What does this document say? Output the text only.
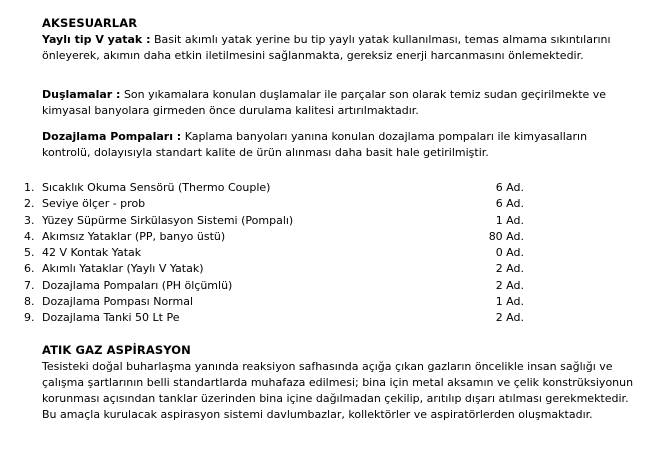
AKSESUARLAR
Yaylı tip V yatak : Basit akımlı yatak yerine bu tip yaylı yatak kullanılması, temas almama sıkıntılarını
önleyerek, akımın daha etkin iletilmesini sağlanmakta, gereksiz enerji harcanmasını önlemektedir.
Duşlamalar : Son yıkamalara konulan duşlamalar ile parçalar son olarak temiz sudan geçirilmekte ve
kimyasal banyolara girmeden önce durulama kalitesi artırılmaktadır.
Dozajlama Pompaları : Kaplama banyoları yanına konulan dozajlama pompaları ile kimyasalların
kontrolü, dolayısıyla standart kalite de ürün alınması daha basit hale getirilmiştir.
1. Sıcaklık Okuma Sensörü (Thermo Couple)	6 Ad.
2. Seviye ölçer - prob	6 Ad.
3. Yüzey Süpürme Sirkülasyon Sistemi (Pompalı)	1 Ad.
4. Akımsız Yataklar (PP, banyo üstü)	80 Ad.
5. 42 V Kontak Yatak	0 Ad.
6. Akımlı Yataklar (Yaylı V Yatak)	2 Ad.
7. Dozajlama Pompaları (PH ölçümlü)	2 Ad.
8. Dozajlama Pompası Normal	1 Ad.
9. Dozajlama Tanki 50 Lt Pe	2 Ad.
ATIK GAZ ASPİRASYON
Tesisteki doğal buharlaşma yanında reaksiyon safhasında açığa çıkan gazların öncelikle insan sağlığı ve
çalışma şartlarının belli standartlarda muhafaza edilmesi; bina için metal aksamın ve çelik konstrüksiyonun
korunması açısından tanklar üzerinden bina içine dağılmadan çekilip, arıtılıp dışarı atılması gerekmektedir.
Bu amaçla kurulacak aspirasyon sistemi davlumbazlar, kollektörler ve aspiratörlerden oluşmaktadır.
